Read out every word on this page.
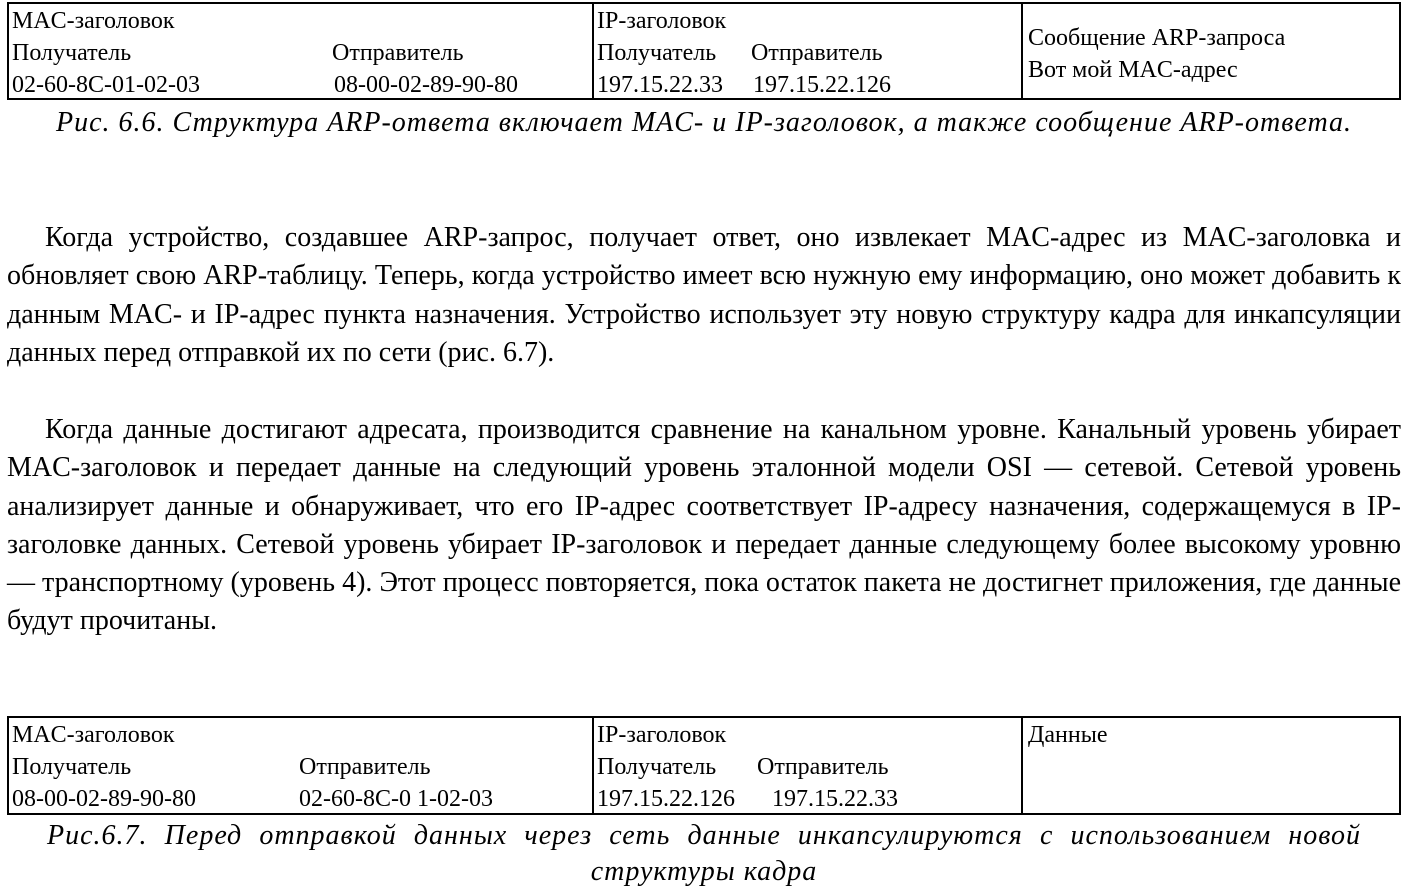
MAC-заголовок
Получатель	Отправитель
02-60-8C-01-02-03	08-00-02-89-90-80
IP-заголовок
Получатель Отправитель
197.15.22.33 197.15.22.126
Сообщение ARP-запроса
Вот мой MAC-адрес
Рис. 6.6. Структура ARP-ответа включает MAC- и IP-заголовок, а также сообщение ARP-ответа.

Когда устройство, создавшее ARP-запрос, получает ответ, оно извлекает MAC-адрес из MAC-заголовка и обновляет свою ARP-таблицу. Теперь, когда устройство имеет всю нужную ему информацию, оно может добавить к данным MAC- и IP-адрес пункта назначения. Устройство использует эту новую структуру кадра для инкапсуляции данных перед отправкой их по сети (рис. 6.7).

Когда данные достигают адресата, производится сравнение на канальном уровне. Канальный уровень убирает MAC-заголовок и передает данные на следующий уровень эталонной модели OSI — сетевой. Сетевой уровень анализирует данные и обнаруживает, что его IP-адрес соответствует IP-адресу назначения, содержащемуся в IP-заголовке данных. Сетевой уровень убирает IP-заголовок и передает данные следующему более высокому уровню — транспортному (уровень 4). Этот процесс повторяется, пока остаток пакета не достигнет приложения, где данные будут прочитаны.

MAC-заголовок
Получатель	Отправитель
08-00-02-89-90-80	02-60-8C-0 1-02-03
IP-заголовок
Получатель Отправитель
197.15.22.126 197.15.22.33
Данные
Рис.6.7. Перед отправкой данных через сеть данные инкапсулируются с использованием новой структуры кадра
